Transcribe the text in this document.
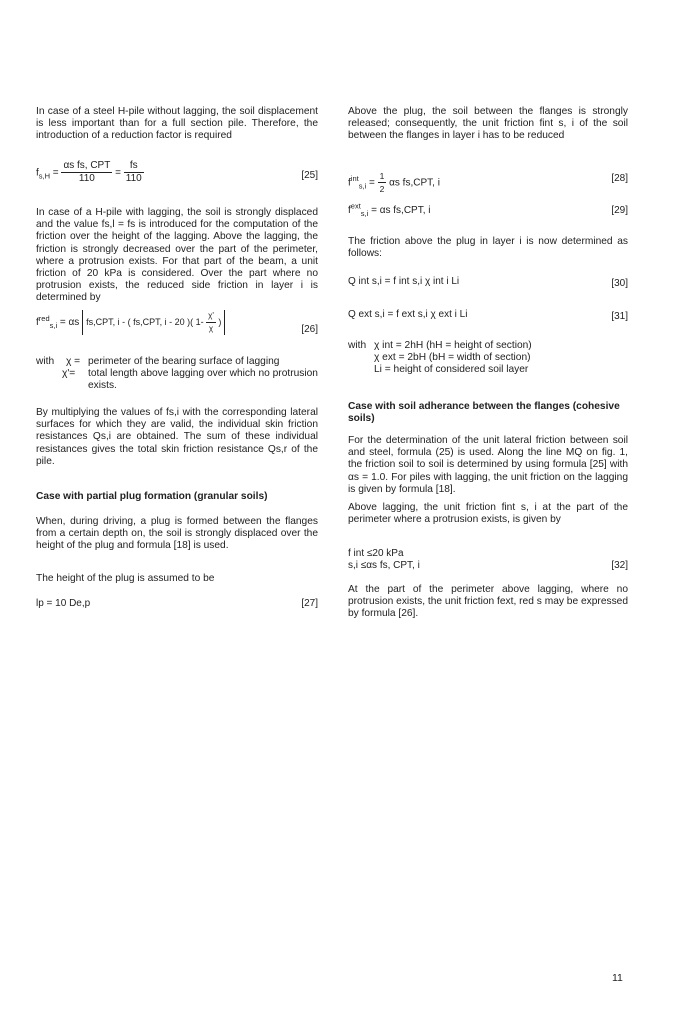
In case of a steel H-pile without lagging, the soil displacement is less important than for a full section pile. Therefore, the introduction of a reduction factor is required

$f_{s,H} = \frac{\text{αs fs, CPT}}{110} = \frac{fs}{110}$	[25]

In case of a H-pile with lagging, the soil is strongly displaced and the value fs,l = fs is introduced for the computation of the friction over the height of the lagging. Above the lagging, the friction is strongly decreased over the part of the perimeter, where a protrusion exists. For that part of the beam, a unit friction of 20 kPa is considered. Over the part where no protrusion exists, the reduced side friction in layer i is determined by

$f^{red}_{s,i} = \alpha s$ fs,CPT, i - ( fs,CPT, i - 20 )( $1- \frac{\chi'}{\chi}$ )
[26]
with χ = perimeter of the bearing surface of lagging
χ'= total length above lagging over which no protrusion exists.

By multiplying the values of fs,i with the corresponding lateral surfaces for which they are valid, the individual skin friction resistances Qs,i are obtained. The sum of these individual resistances gives the total skin friction resistance Qs,r of the pile.

Case with partial plug formation (granular soils)

When, during driving, a plug is formed between the flanges from a certain depth on, the soil is strongly displaced over the height of the plug and formula [18] is used.

The height of the plug is assumed to be

lp = 10 De,p	[27]

Above the plug, the soil between the flanges is strongly released; consequently, the unit friction fint s, i of the soil between the flanges in layer i has to be reduced

$f^{int}_{s,i} = \frac{1}{2}$ αs fs,CPT, i	[28]
$f^{ext}_{s,i} = \alpha s$ fs,CPT, i	[29]

The friction above the plug in layer i is now determined as follows:

Q int s,i = f int s,i χ int i Li	[30]
Q ext s,i = f ext s,i χ ext i Li	[31]
with χ int = 2hH (hH = height of section)
χ ext = 2bH (bH = width of section)
Li = height of considered soil layer

Case with soil adherance between the flanges (cohesive soils)

For the determination of the unit lateral friction between soil and steel, formula (25) is used. Along the line MQ on fig. 1, the friction soil to soil is determined by using formula [25] with αs = 1.0. For piles with lagging, the unit friction on the lagging is given by formula [18].

Above lagging, the unit friction fint s, i at the part of the perimeter where a protrusion exists, is given by

f int ≤20 kPa
s,i ≤αs fs, CPT, i	[32]

At the part of the perimeter above lagging, where no protrusion exists, the unit friction fext, red s may be expressed by formula [26].

11
